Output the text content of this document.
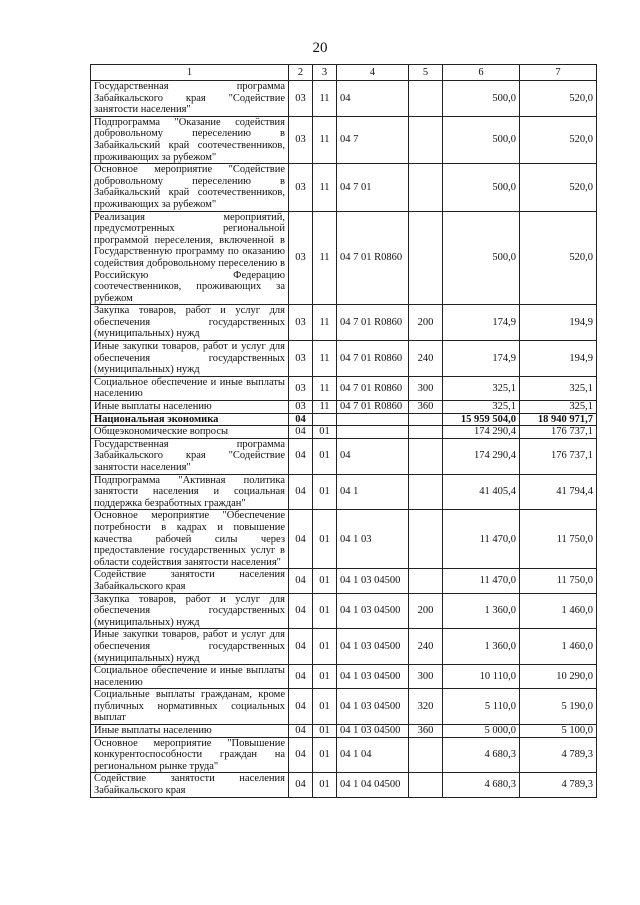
20
1	2	3	4	5	6	7
Государственная программа Забайкальского края "Содействие занятости населения"	03	11	04		500,0	520,0
Подпрограмма "Оказание содействия добровольному переселению в Забайкальский край соотечественников, проживающих за рубежом"	03	11	04 7		500,0	520,0
Основное мероприятие "Содействие добровольному переселению в Забайкальский край соотечественников, проживающих за рубежом"	03	11	04 7 01		500,0	520,0
Реализация мероприятий, предусмотренных региональной программой переселения, включенной в Государственную программу по оказанию содействия добровольному переселению в Российскую Федерацию соотечественников, проживающих за рубежом	03	11	04 7 01 R0860		500,0	520,0
Закупка товаров, работ и услуг для обеспечения государственных (муниципальных) нужд	03	11	04 7 01 R0860	200	174,9	194,9
Иные закупки товаров, работ и услуг для обеспечения государственных (муниципальных) нужд	03	11	04 7 01 R0860	240	174,9	194,9
Социальное обеспечение и иные выплаты населению	03	11	04 7 01 R0860	300	325,1	325,1
Иные выплаты населению	03	11	04 7 01 R0860	360	325,1	325,1
Национальная экономика	04				15 959 504,0	18 940 971,7
Общеэкономические вопросы	04	01			174 290,4	176 737,1
Государственная программа Забайкальского края "Содействие занятости населения"	04	01	04		174 290,4	176 737,1
Подпрограмма "Активная политика занятости населения и социальная поддержка безработных граждан"	04	01	04 1		41 405,4	41 794,4
Основное мероприятие "Обеспечение потребности в кадрах и повышение качества рабочей силы через предоставление государственных услуг в области содействия занятости населения"	04	01	04 1 03		11 470,0	11 750,0
Содействие занятости населения Забайкальского края	04	01	04 1 03 04500		11 470,0	11 750,0
Закупка товаров, работ и услуг для обеспечения государственных (муниципальных) нужд	04	01	04 1 03 04500	200	1 360,0	1 460,0
Иные закупки товаров, работ и услуг для обеспечения государственных (муниципальных) нужд	04	01	04 1 03 04500	240	1 360,0	1 460,0
Социальное обеспечение и иные выплаты населению	04	01	04 1 03 04500	300	10 110,0	10 290,0
Социальные выплаты гражданам, кроме публичных нормативных социальных выплат	04	01	04 1 03 04500	320	5 110,0	5 190,0
Иные выплаты населению	04	01	04 1 03 04500	360	5 000,0	5 100,0
Основное мероприятие "Повышение конкурентоспособности граждан на региональном рынке труда"	04	01	04 1 04		4 680,3	4 789,3
Содействие занятости населения Забайкальского края	04	01	04 1 04 04500		4 680,3	4 789,3
